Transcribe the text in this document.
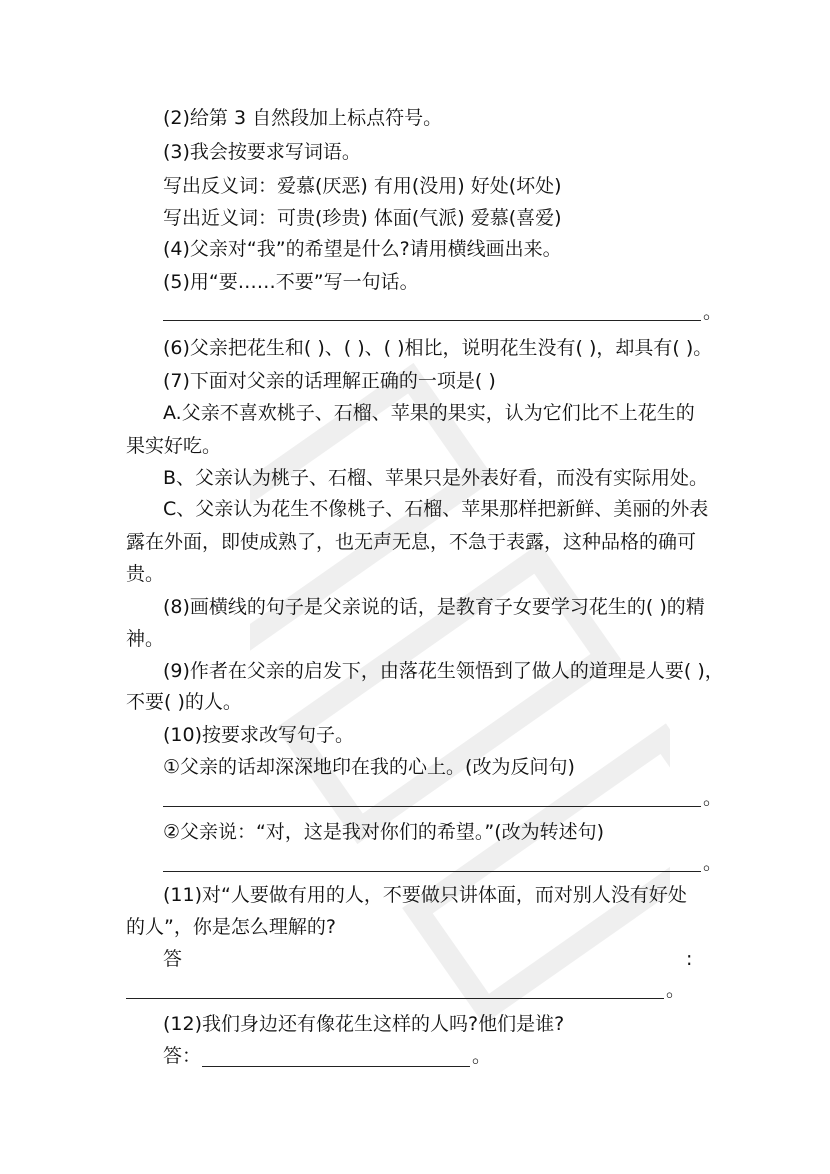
(2)给第 3 自然段加上标点符号。
(3)我会按要求写词语。
写出反义词：爱慕(厌恶) 有用(没用) 好处(坏处)
写出近义词：可贵(珍贵) 体面(气派) 爱慕(喜爱)
(4)父亲对“我”的希望是什么?请用横线画出来。
(5)用“要……不要”写一句话。
。
(6)父亲把花生和( )、( )、( )相比，说明花生没有( )，却具有( )。
(7)下面对父亲的话理解正确的一项是( )
A.父亲不喜欢桃子、石榴、苹果的果实，认为它们比不上花生的
果实好吃。
B、父亲认为桃子、石榴、苹果只是外表好看，而没有实际用处。
C、父亲认为花生不像桃子、石榴、苹果那样把新鲜、美丽的外表
露在外面，即使成熟了，也无声无息，不急于表露，这种品格的确可
贵。
(8)画横线的句子是父亲说的话，是教育子女要学习花生的( )的精
神。
(9)作者在父亲的启发下，由落花生领悟到了做人的道理是人要( )，
不要( )的人。
(10)按要求改写句子。
①父亲的话却深深地印在我的心上。(改为反问句)
。
②父亲说：“对，这是我对你们的希望。”(改为转述句)
。
(11)对“人要做有用的人，不要做只讲体面，而对别人没有好处
的人”，你是怎么理解的?
答	:
。
(12)我们身边还有像花生这样的人吗?他们是谁?
答：	。
